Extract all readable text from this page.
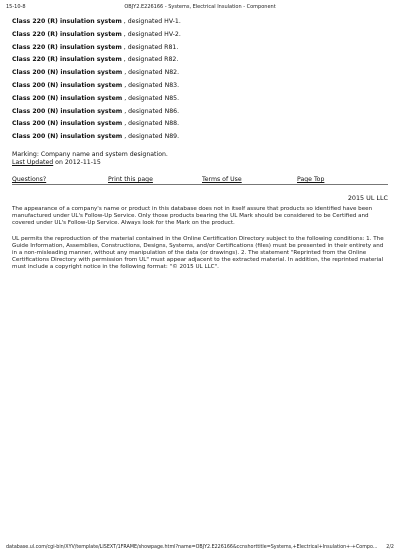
15-10-8	OBJY2.E226166 - Systems, Electrical Insulation - Component
Class 220 (R) insulation system , designated HV-1.
Class 220 (R) insulation system , designated HV-2.
Class 220 (R) insulation system , designated R81.
Class 220 (R) insulation system , designated R82.
Class 200 (N) insulation system , designated N82.
Class 200 (N) insulation system , designated N83.
Class 200 (N) insulation system , designated N85.
Class 200 (N) insulation system , designated N86.
Class 200 (N) insulation system , designated N88.
Class 200 (N) insulation system , designated N89.
Marking: Company name and system designation.
Last Updated on 2012-11-15
Questions?	Print this page	Terms of Use	Page Top
 2015 UL LLC
The appearance of a company's name or product in this database does not in itself assure that products so identified have been manufactured under UL's Follow-Up Service. Only those products bearing the UL Mark should be considered to be Certified and covered under UL's Follow-Up Service. Always look for the Mark on the product.
UL permits the reproduction of the material contained in the Online Certification Directory subject to the following conditions: 1. The Guide Information, Assemblies, Constructions, Designs, Systems, and/or Certifications (files) must be presented in their entirety and in a non-misleading manner, without any manipulation of the data (or drawings). 2. The statement "Reprinted from the Online Certifications Directory with permission from UL" must appear adjacent to the extracted material. In addition, the reprinted material must include a copyright notice in the following format: "© 2015 UL LLC".
database.ul.com/cgi-bin/XYV/template/LISEXT/1FRAME/showpage.html?name=OBJY2.E226166&ccnshorttitle=Systems,+Electrical+Insulation+-+Compo... 2/2
